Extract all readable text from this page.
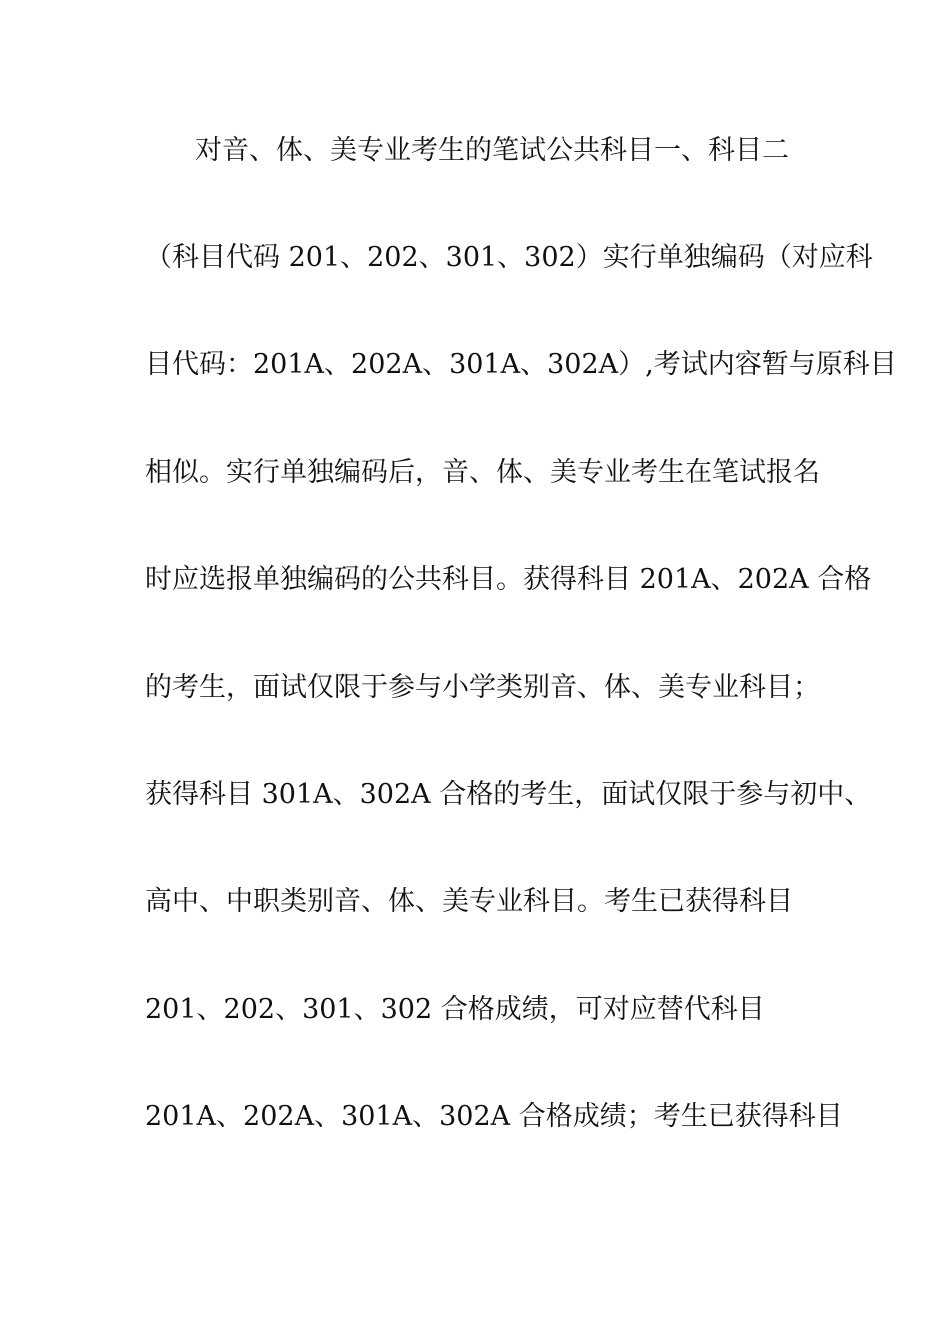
对音、体、美专业考生的笔试公共科目一、科目二

（科目代码 201、202、301、302）实行单独编码（对应科

目代码：201A、202A、301A、302A）,考试内容暂与原科目

相似。实行单独编码后，音、体、美专业考生在笔试报名

时应选报单独编码的公共科目。获得科目 201A、202A 合格

的考生，面试仅限于参与小学类别音、体、美专业科目；

获得科目 301A、302A 合格的考生，面试仅限于参与初中、

高中、中职类别音、体、美专业科目。考生已获得科目

201、202、301、302 合格成绩，可对应替代科目

201A、202A、301A、302A 合格成绩；考生已获得科目
